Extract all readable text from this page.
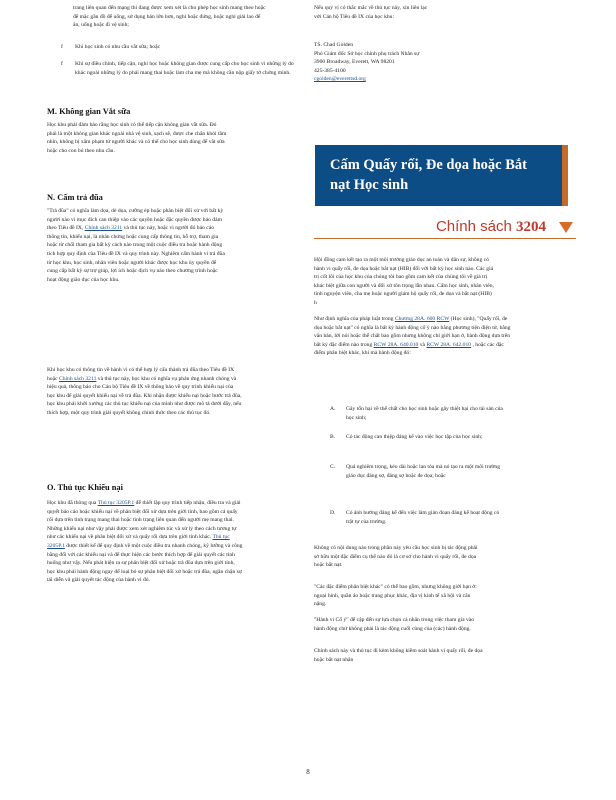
trang liên quan đến mạng thì đang được xem xét là cho phép học sinh mang theo hoặc để mặc gần đồ để uống, sử dụng bàn lớn hơn, nghỉ hoặc đứng, hoặc nghỉ giải lao để ăn, uống hoặc đi vệ sinh;

f Khi học sinh có nhu cầu vắt sữa; hoặc
f Khi sự điều chỉnh, tiếp cận, nghỉ học hoặc không gian được cung cấp cho học sinh vì những lý do khác ngoài những lý do phải mang thai hoặc làm cha mẹ mà không cần nộp giấy tờ chứng minh.
M. Không gian Vắt sữa

Học khu phải đảm bảo rằng học sinh có thể tiếp cận không gian vắt sữa. Đó phải là một không gian khác ngoài nhà vệ sinh, sạch sẽ, được che chắn khỏi tầm nhìn, không bị xâm phạm từ người khác và có thể cho học sinh dùng để vắt sữa hoặc cho con bú theo nhu cầu.

N. Cấm trả đũa

"Trả đũa" có nghĩa làm dọa, dè dọa, cưỡng ép hoặc phân biệt đối xử với bất kỳ người nào vì mục đích can thiệp vào các quyền hoặc đặc quyền được bảo đảm theo Tiêu đề IX, Chính sách 3211 và thủ tục này, hoặc vì người đó báo cáo thông tin, khiếu nại, là nhân chứng hoặc cung cấp thông tin, hỗ trợ, tham gia hoặc từ chối tham gia bất kỳ cách nào trong một cuộc điều tra hoặc hành động tích hợp quy định của Tiêu đề IX và quy trình này. Nghiêm cấm hành vi trả đũa từ học khu, học sinh, nhân viên hoặc người khác được học khu ủy quyền để cung cấp bất kỳ sự trợ giúp, lợi ích hoặc dịch vụ nào theo chương trình hoặc hoạt động giáo dục của học khu.

Khi học khu có thông tin về hành vi có thể hợp lý cấu thành trả đũa theo Tiêu đề IX hoặc Chính sách 3211 và thủ tục này, học khu có nghĩa vụ phản ứng nhanh chóng và hiệu quả, thông báo cho Cán bộ Tiêu đề IX về thông báo về quy trình khiếu nại của học khu để giải quyết khiếu nại về trả đũa. Khi nhận được khiếu nại hoặc bước trả đũa, học khu phải khởi xướng các thủ tục khiếu nại của mình như được mô tả dưới đây, nếu thích hợp, một quy trình giải quyết không chính thức theo các thủ tục đó.

O. Thủ tục Khiếu nại

Học khu đã thông qua Thủ tục 3205P.1 để thiết lập quy trình tiếp nhận, điều tra và giải quyết báo cáo hoặc khiếu nại về phân biệt đối xử dựa trên giới tính, bao gồm cả quấy rối dựa trên tình trạng mang thai hoặc tình trạng liên quan đến người mẹ mang thai. Những khiếu nại như vậy phải được xem xét nghiêm túc và xử lý theo cách tương tự như các khiếu nại về phân biệt đối xử và quấy rối dựa trên giới tính khác. Thủ tục 3205P.1 được thiết kế để quy định về một cuộc điều tra nhanh chóng, kỹ lưỡng và công bằng đối với các khiếu nại và để thực hiện các bước thích hợp để giải quyết các tình huống như vậy. Nếu phát hiện ra sự phân biệt đối xử hoặc trả đũa dựa trên giới tính, học khu phải hành động ngay để loại bỏ sự phân biệt đối xử hoặc trả đũa, ngăn chặn sự tái diễn và giải quyết tác động của hành vi đó.

Nếu quý vị có thắc mắc về thủ tục này, xin liên lạc với Cán bộ Tiêu đề IX của học khu:

TS. Chad Golden

Phó Giám đốc Sở học chính phụ trách Nhân sự

3900 Broadway, Everett, WA 98201

425-385-4100

cgolden@everettsd.org

Cấm Quấy rối, Đe dọa hoặc Bắt nạt Học sinh
Chính sách 3204

Hội đồng cam kết tạo ra một môi trường giáo dục an toàn và dân sự, không có hành vi quấy rối, đe dọa hoặc bắt nạt (HIB) đối với bất kỳ học sinh nào. Các giá trị cốt lõi của học khu của chúng tôi bao gồm cam kết của chúng tôi về giá trị khác biệt giữa con người và đối xử tôn trọng lẫn nhau. Cấm học sinh, nhân viên, tình nguyện viên, cha mẹ hoặc người giám hộ quấy rối, đe dọa và bắt nạt (HIB) h

Như định nghĩa của pháp luật trong Chương 28A. 600 RCW (Học sinh), "Quấy rối, đe dọa hoặc bắt nạt" có nghĩa là bất kỳ hành động cố ý nào bằng phương tiện điện tử, bằng văn bản, lời nói hoặc thể chất bao gồm nhưng không chỉ giới hạn ở, hành động dựa trên bất kỳ đặc điểm nào trong RCW 28A. 640.010 và RCW 28A. 642.010 , hoặc các đặc điểm phân biệt khác, khi mà hành động đó:

A. Gây tổn hại về thể chất cho học sinh hoặc gây thiệt hại cho tài sản của học sinh;
B. Có tác động can thiệp đáng kể vào việc học tập của học sinh;
C. Quá nghiêm trọng, kéo dài hoặc lan tỏa mà nó tạo ra một môi trường giáo dục đáng sợ, đáng sợ hoặc đe dọa; hoặc
D. Có ảnh hưởng đáng kể đến việc làm gián đoạn đáng kể hoạt động có trật tự của trường.

Không có nội dung nào trong phần này yêu cầu học sinh bị tác động phải sở hữu một đặc điểm cụ thể nào đó là cơ sở cho hành vi quấy rối, đe dọa hoặc bắt nạt.

"Các đặc điểm phân biệt khác" có thể bao gồm, nhưng không giới hạn ở: ngoại hình, quần áo hoặc trang phục khác, địa vị kinh tế xã hội và cân nặng.

"Hành vi Cố ý" để cập đến sự lựa chọn cá nhân trong việc tham gia vào hành động chứ không phải là tác động cuối cùng của (các) hành động.

Chính sách này và thủ tục đi kèm không kiềm soát hành vi quấy rối, đe dọa hoặc bắt nạt nhân

8
